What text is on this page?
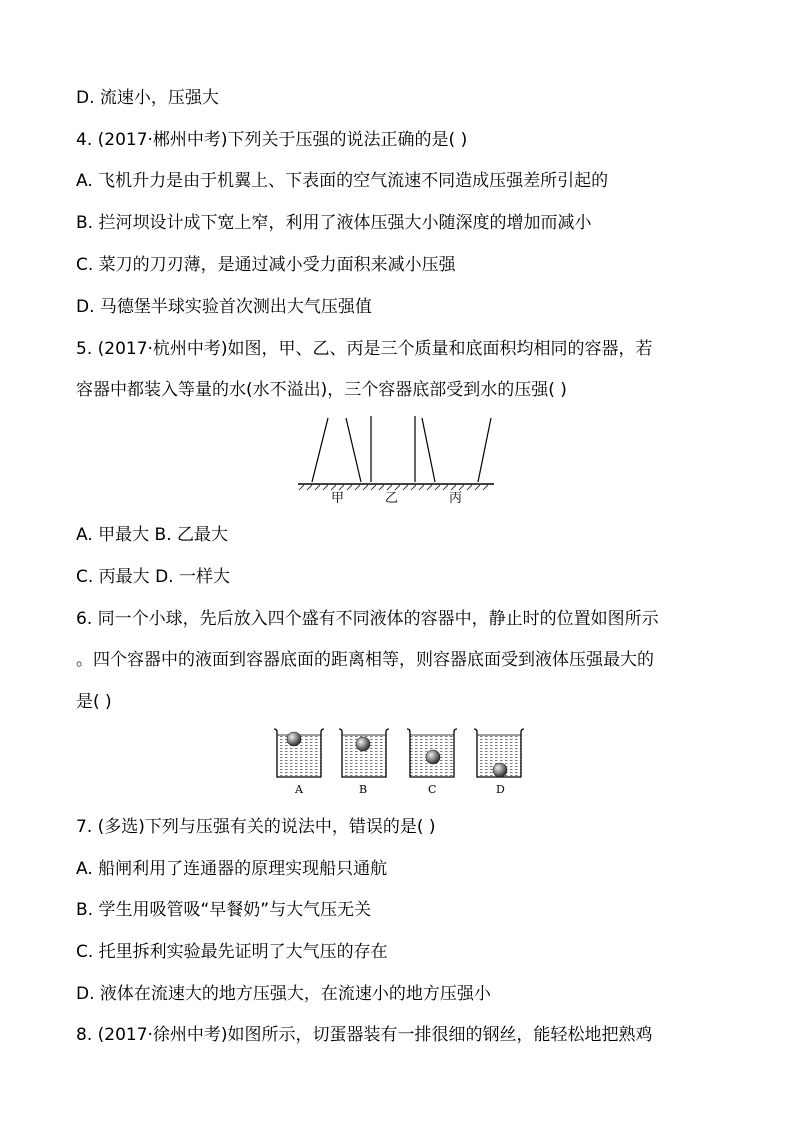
D. 流速小，压强大
4. (2017·郴州中考)下列关于压强的说法正确的是( )
A. 飞机升力是由于机翼上、下表面的空气流速不同造成压强差所引起的
B. 拦河坝设计成下宽上窄，利用了液体压强大小随深度的增加而减小
C. 菜刀的刀刃薄，是通过减小受力面积来减小压强
D. 马德堡半球实验首次测出大气压强值
5. (2017·杭州中考)如图，甲、乙、丙是三个质量和底面积均相同的容器，若
容器中都装入等量的水(水不溢出)，三个容器底部受到水的压强( )
甲	乙	丙
A. 甲最大 B. 乙最大
C. 丙最大 D. 一样大
6. 同一个小球，先后放入四个盛有不同液体的容器中，静止时的位置如图所示
。四个容器中的液面到容器底面的距离相等，则容器底面受到液体压强最大的
是( )
A	B	C	D
7. (多选)下列与压强有关的说法中，错误的是( )
A. 船闸利用了连通器的原理实现船只通航
B. 学生用吸管吸“早餐奶”与大气压无关
C. 托里拆利实验最先证明了大气压的存在
D. 液体在流速大的地方压强大，在流速小的地方压强小
8. (2017·徐州中考)如图所示，切蛋器装有一排很细的钢丝，能轻松地把熟鸡
